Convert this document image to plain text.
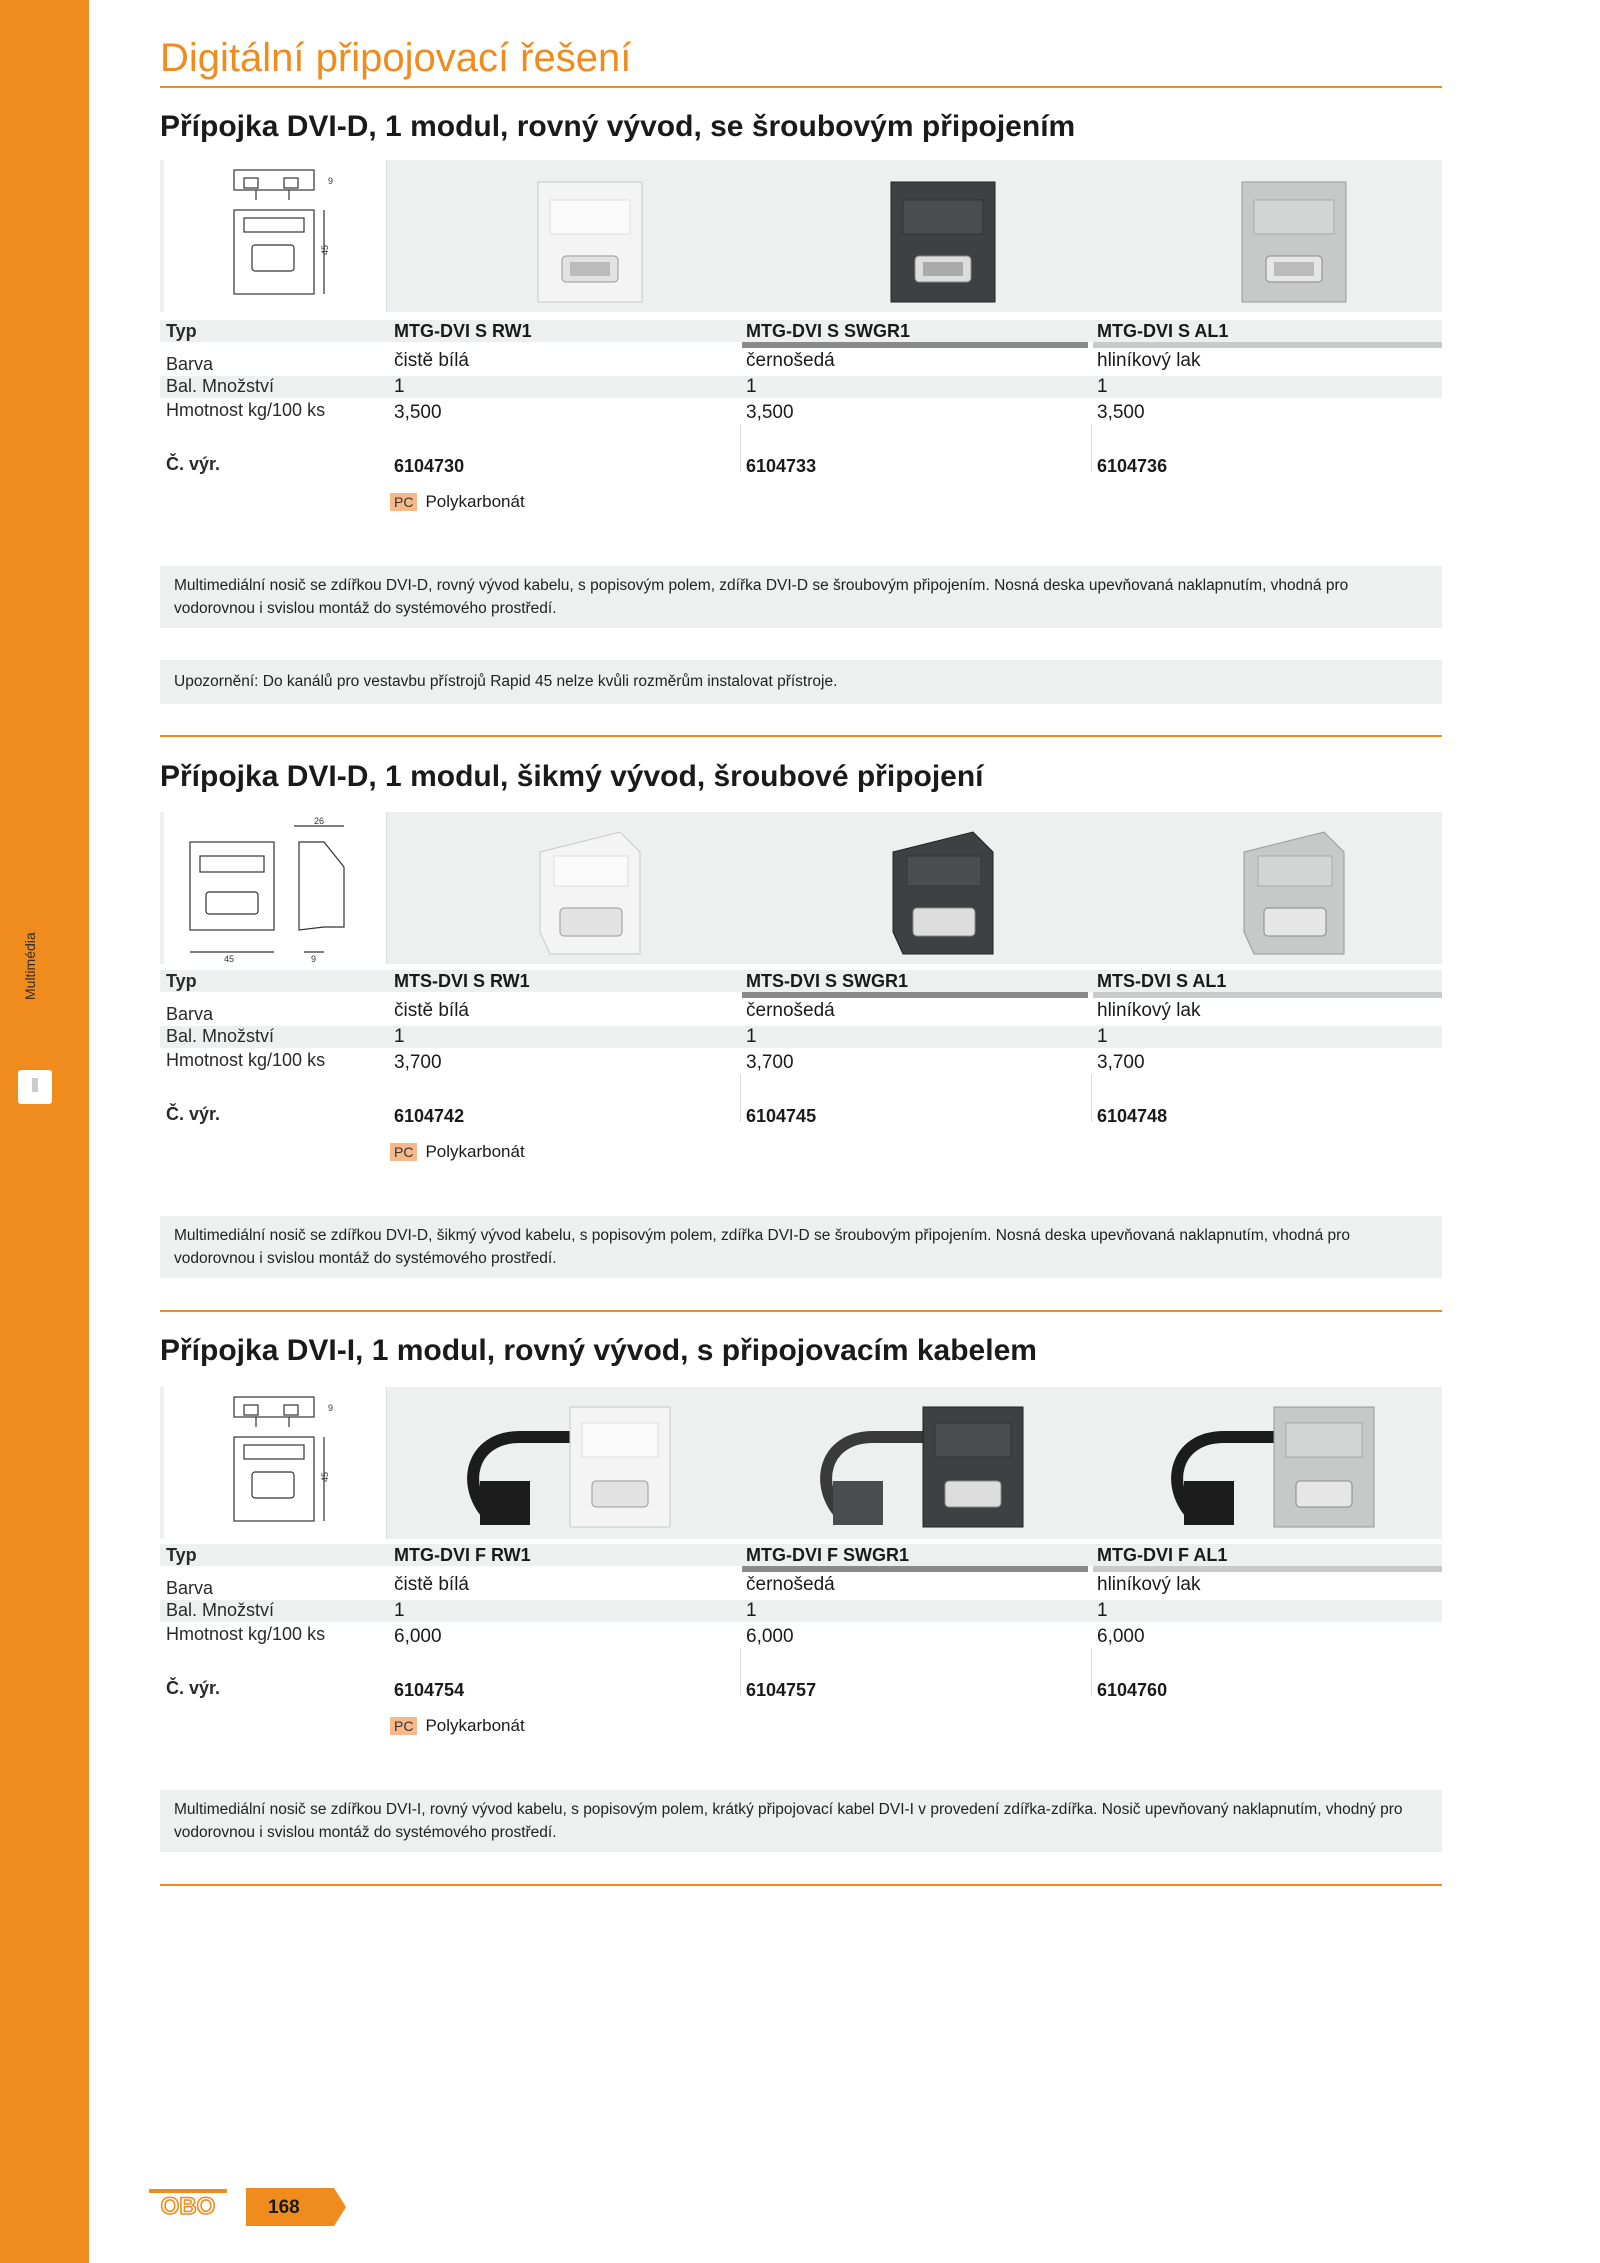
Multimédia
Digitální připojovací řešení
Přípojka DVI-D, 1 modul, rovný vývod, se šroubovým připojením
45
9
Typ	MTG-DVI S RW1	MTG-DVI S SWGR1	MTG-DVI S AL1
Barva	čistě bílá	černošedá	hliníkový lak
Bal. Množství	1	1	1
Hmotnost kg/100 ks	3,500	3,500	3,500
Č. výr.	6104730	6104733	6104736
PC Polykarbonát
Multimediální nosič se zdířkou DVI-D, rovný vývod kabelu, s popisovým polem, zdířka DVI-D se šroubovým připojením. Nosná deska upevňovaná naklapnutím, vhodná pro vodorovnou i svislou montáž do systémového prostředí.
Upozornění: Do kanálů pro vestavbu přístrojů Rapid 45 nelze kvůli rozměrům instalovat přístroje.
Přípojka DVI-D, 1 modul, šikmý vývod, šroubové připojení
26
45	9
Typ	MTS-DVI S RW1	MTS-DVI S SWGR1	MTS-DVI S AL1
Barva	čistě bílá	černošedá	hliníkový lak
Bal. Množství	1	1	1
Hmotnost kg/100 ks	3,700	3,700	3,700
Č. výr.	6104742	6104745	6104748
PC Polykarbonát
Multimediální nosič se zdířkou DVI-D, šikmý vývod kabelu, s popisovým polem, zdířka DVI-D se šroubovým připojením. Nosná deska upevňovaná naklapnutím, vhodná pro vodorovnou i svislou montáž do systémového prostředí.
Přípojka DVI-I, 1 modul, rovný vývod, s připojovacím kabelem
45
9
Typ	MTG-DVI F RW1	MTG-DVI F SWGR1	MTG-DVI F AL1
Barva	čistě bílá	černošedá	hliníkový lak
Bal. Množství	1	1	1
Hmotnost kg/100 ks	6,000	6,000	6,000
Č. výr.	6104754	6104757	6104760
PC Polykarbonát
Multimediální nosič se zdířkou DVI-I, rovný vývod kabelu, s popisovým polem, krátký připojovací kabel DVI-I v provedení zdířka-zdířka. Nosič upevňovaný naklapnutím, vhodný pro vodorovnou i svislou montáž do systémového prostředí.
OBO	168
